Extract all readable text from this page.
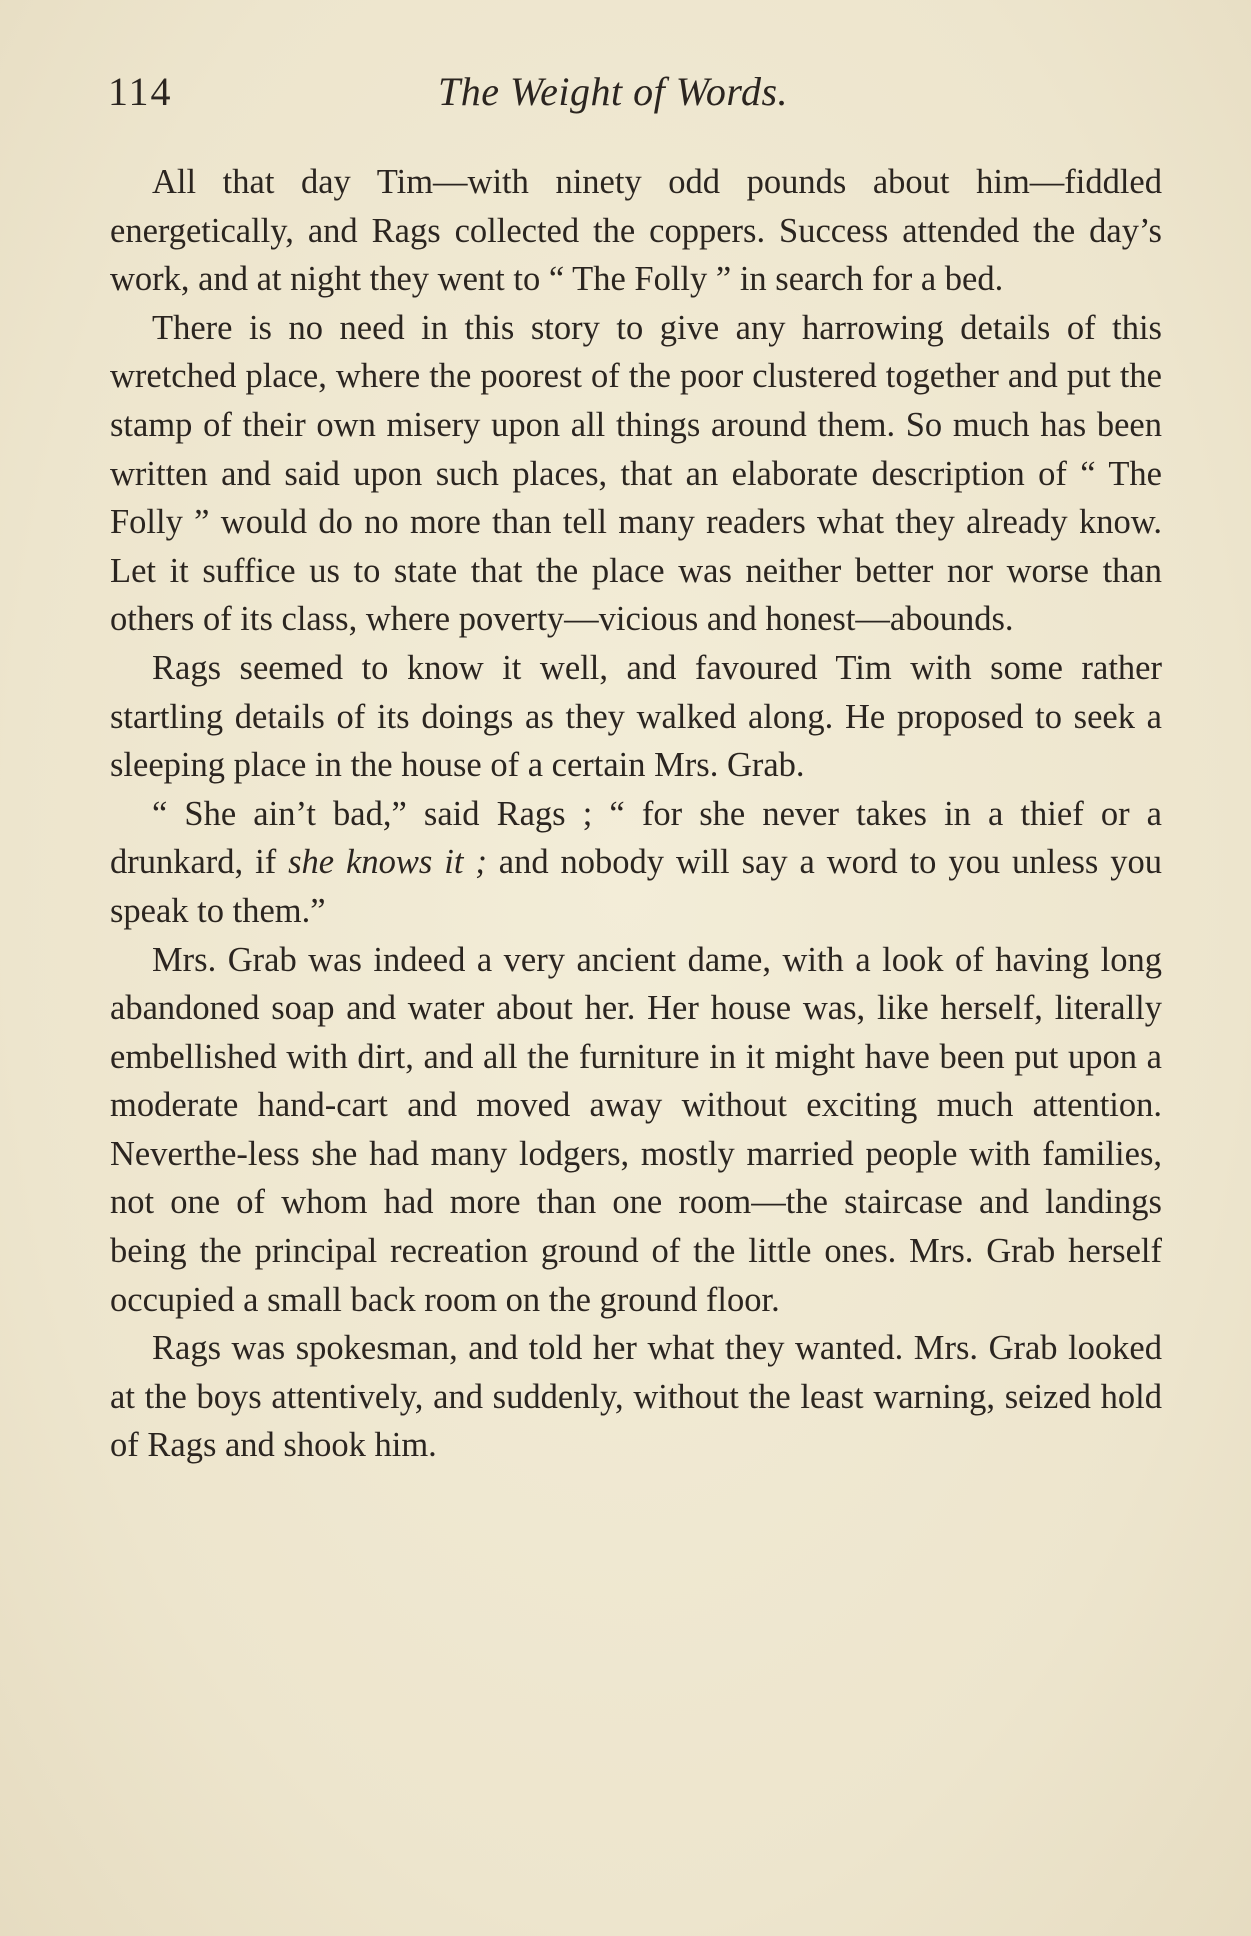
114	The Weight of Words.

All that day Tim—with ninety odd pounds about him—fiddled energetically, and Rags collected the coppers. Success attended the day’s work, and at night they went to “ The Folly ” in search for a bed.

There is no need in this story to give any harrowing details of this wretched place, where the poorest of the poor clustered together and put the stamp of their own misery upon all things around them. So much has been written and said upon such places, that an elaborate description of “ The Folly ” would do no more than tell many readers what they already know. Let it suffice us to state that the place was neither better nor worse than others of its class, where poverty—vicious and honest—abounds.

Rags seemed to know it well, and favoured Tim with some rather startling details of its doings as they walked along. He proposed to seek a sleeping place in the house of a certain Mrs. Grab.

“ She ain’t bad,” said Rags ; “ for she never takes in a thief or a drunkard, if she knows it ; and nobody will say a word to you unless you speak to them.”

Mrs. Grab was indeed a very ancient dame, with a look of having long abandoned soap and water about her. Her house was, like herself, literally embellished with dirt, and all the furniture in it might have been put upon a moderate hand-cart and moved away without exciting much attention. Neverthe-less she had many lodgers, mostly married people with families, not one of whom had more than one room—the staircase and landings being the principal recreation ground of the little ones. Mrs. Grab herself occupied a small back room on the ground floor.

Rags was spokesman, and told her what they wanted. Mrs. Grab looked at the boys attentively, and suddenly, without the least warning, seized hold of Rags and shook him.
